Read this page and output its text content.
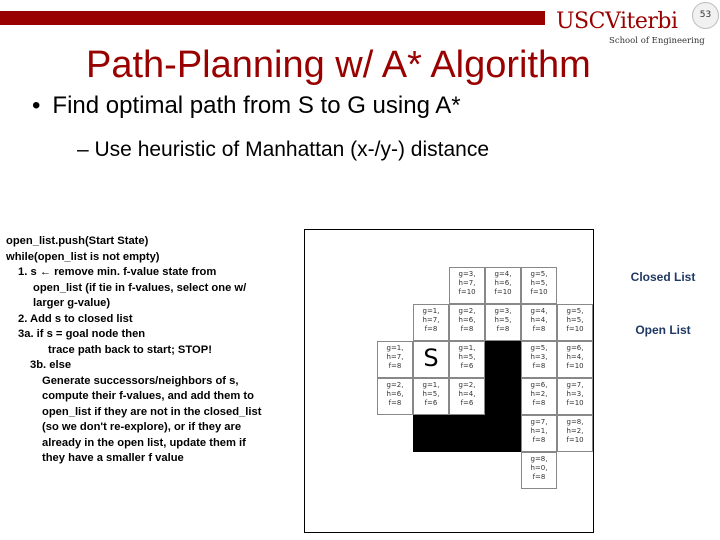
USCViterbi
School of Engineering
53
Path-Planning w/ A* Algorithm
• Find optimal path from S to G using A*
– Use heuristic of Manhattan (x-/y-) distance
open_list.push(Start State)
while(open_list is not empty)
1. s ← remove min. f-value state from
open_list (if tie in f-values, select one w/
larger g-value)
2. Add s to closed list
3a. if s = goal node then
trace path back to start; STOP!
3b. else
Generate successors/neighbors of s,
compute their f-values, and add them to
open_list if they are not in the closed_list
(so we don't re-explore), or if they are
already in the open list, update them if
they have a smaller f value
g=3,
h=7,
f=10
g=4,
h=6,
f=10
g=5,
h=5,
f=10
g=1,
h=7,
f=8
g=2,
h=6,
f=8
g=3,
h=5,
f=8
g=4,
h=4,
f=8
g=5,
h=5,
f=10
g=1,
h=7,
f=8 S	g=1,
h=5,
f=6
g=5,
h=3,
f=8
g=6,
h=4,
f=10
g=2,
h=6,
f=8
g=1,
h=5,
f=6
g=2,
h=4,
f=6
g=6,
h=2,
f=8
g=7,
h=3,
f=10
g=7,
h=1,
f=8
g=8,
h=2,
f=10
g=8,
h=0,
f=8
Closed List
Open List
